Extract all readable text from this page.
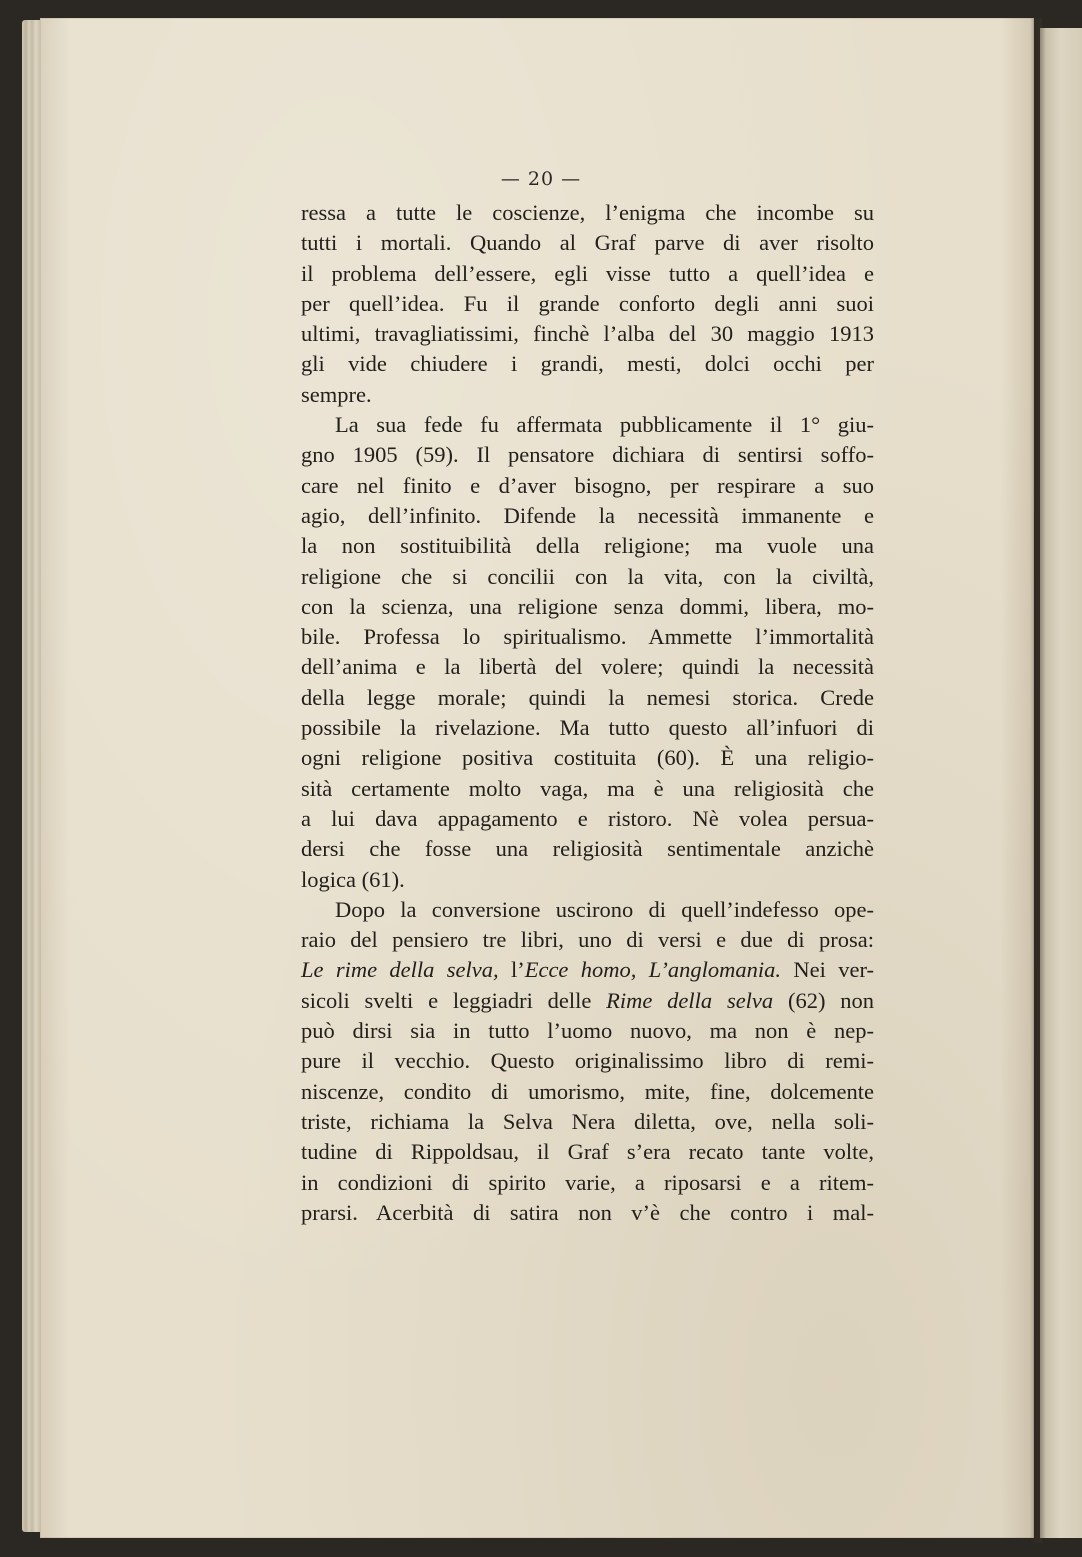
— 20 —
ressa a tutte le coscienze, l’enigma che incombe su
tutti i mortali. Quando al Graf parve di aver risolto
il problema dell’essere, egli visse tutto a quell’idea e
per quell’idea. Fu il grande conforto degli anni suoi
ultimi, travagliatissimi, finchè l’alba del 30 maggio 1913
gli vide chiudere i grandi, mesti, dolci occhi per
sempre.
La sua fede fu affermata pubblicamente il 1° giu-
gno 1905 (59). Il pensatore dichiara di sentirsi soffo-
care nel finito e d’aver bisogno, per respirare a suo
agio, dell’infinito. Difende la necessità immanente e
la non sostituibilità della religione; ma vuole una
religione che si concilii con la vita, con la civiltà,
con la scienza, una religione senza dommi, libera, mo-
bile. Professa lo spiritualismo. Ammette l’immortalità
dell’anima e la libertà del volere; quindi la necessità
della legge morale; quindi la nemesi storica. Crede
possibile la rivelazione. Ma tutto questo all’infuori di
ogni religione positiva costituita (60). È una religio-
sità certamente molto vaga, ma è una religiosità che
a lui dava appagamento e ristoro. Nè volea persua-
dersi che fosse una religiosità sentimentale anzichè
logica (61).
Dopo la conversione uscirono di quell’indefesso ope-
raio del pensiero tre libri, uno di versi e due di prosa:
Le rime della selva, l’Ecce homo, L’anglomania. Nei ver-
sicoli svelti e leggiadri delle Rime della selva (62) non
può dirsi sia in tutto l’uomo nuovo, ma non è nep-
pure il vecchio. Questo originalissimo libro di remi-
niscenze, condito di umorismo, mite, fine, dolcemente
triste, richiama la Selva Nera diletta, ove, nella soli-
tudine di Rippoldsau, il Graf s’era recato tante volte,
in condizioni di spirito varie, a riposarsi e a ritem-
prarsi. Acerbità di satira non v’è che contro i mal-
